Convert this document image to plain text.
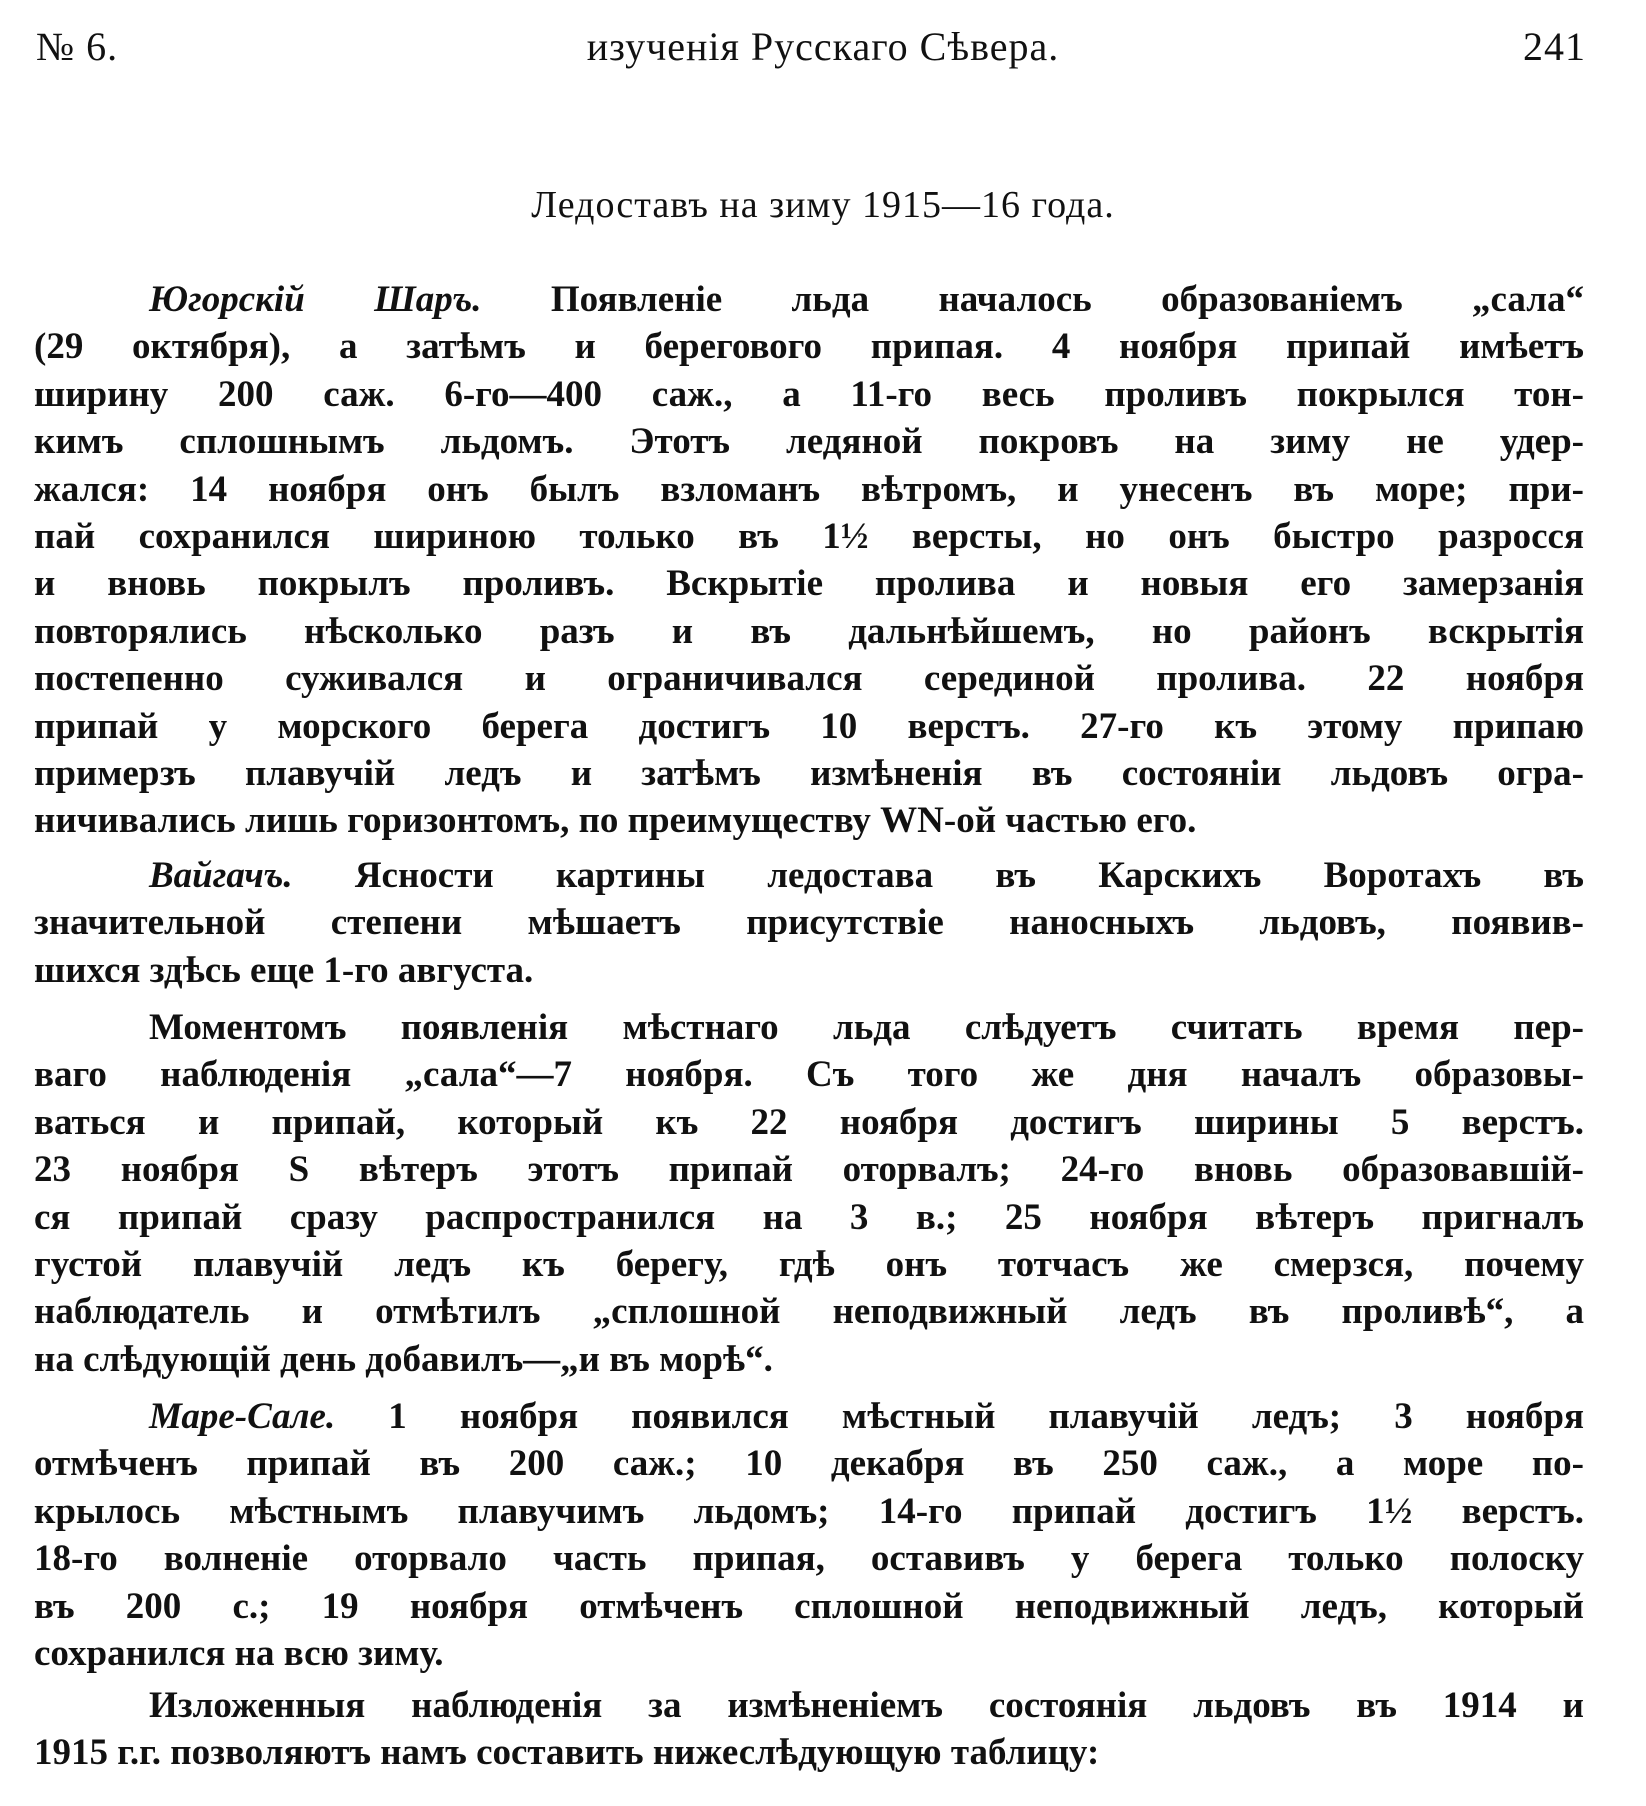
изученія Русскаго Сѣвера.
№ 6.	241
Ледоставъ на зиму 1915—16 года.
Югорскій Шаръ. Появленіе льда началось образованіемъ „сала“
(29 октября), а затѣмъ и берегового припая. 4 ноября припай имѣетъ
ширину 200 саж. 6-го—400 саж., а 11-го весь проливъ покрылся тон-
кимъ сплошнымъ льдомъ. Этотъ ледяной покровъ на зиму не удер-
жался: 14 ноября онъ былъ взломанъ вѣтромъ, и унесенъ въ море; при-
пай сохранился шириною только въ 1½ версты, но онъ быстро разросся
и вновь покрылъ проливъ. Вскрытіе пролива и новыя его замерзанія
повторялись нѣсколько разъ и въ дальнѣйшемъ, но районъ вскрытія
постепенно суживался и ограничивался серединой пролива. 22 ноября
припай у морского берега достигъ 10 верстъ. 27-го къ этому припаю
примерзъ плавучій ледъ и затѣмъ измѣненія въ состояніи льдовъ огра-
ничивались лишь горизонтомъ, по преимуществу WN-ой частью его.
Вайгачъ. Ясности картины ледостава въ Карскихъ Воротахъ въ
значительной степени мѣшаетъ присутствіе наносныхъ льдовъ, появив-
шихся здѣсь еще 1-го августа.
Моментомъ появленія мѣстнаго льда слѣдуетъ считать время пер-
ваго наблюденія „сала“—7 ноября. Съ того же дня началъ образовы-
ваться и припай, который къ 22 ноября достигъ ширины 5 верстъ.
23 ноября S вѣтеръ этотъ припай оторвалъ; 24-го вновь образовавшій-
ся припай сразу распространился на 3 в.; 25 ноября вѣтеръ пригналъ
густой плавучій ледъ къ берегу, гдѣ онъ тотчасъ же смерзся, почему
наблюдатель и отмѣтилъ „сплошной неподвижный ледъ въ проливѣ“, а
на слѣдующій день добавилъ—„и въ морѣ“.
Маре-Сале. 1 ноября появился мѣстный плавучій ледъ; 3 ноября
отмѣченъ припай въ 200 саж.; 10 декабря въ 250 саж., а море по-
крылось мѣстнымъ плавучимъ льдомъ; 14-го припай достигъ 1½ верстъ.
18-го волненіе оторвало часть припая, оставивъ у берега только полоску
въ 200 с.; 19 ноября отмѣченъ сплошной неподвижный ледъ, который
сохранился на всю зиму.
Изложенныя наблюденія за измѣненіемъ состоянія льдовъ въ 1914 и
1915 г.г. позволяютъ намъ составить нижеслѣдующую таблицу:
